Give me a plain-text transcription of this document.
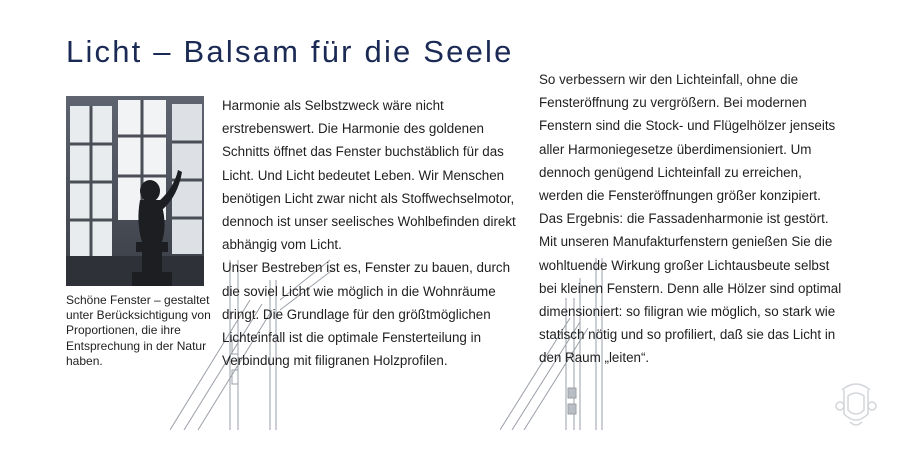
Licht – Balsam für die Seele
Schöne Fenster – gestaltet unter Berücksichtigung von Proportionen, die ihre Entsprechung in der Natur haben.

Harmonie als Selbstzweck wäre nicht erstrebenswert. Die Harmonie des goldenen Schnitts öffnet das Fenster buchstäblich für das Licht. Und Licht bedeutet Leben. Wir Menschen benötigen Licht zwar nicht als Stoffwechselmotor, dennoch ist unser seelisches Wohlbefinden direkt abhängig vom Licht.

Unser Bestreben ist es, Fenster zu bauen, durch die soviel Licht wie möglich in die Wohnräume dringt. Die Grundlage für den größtmöglichen Lichteinfall ist die optimale Fensterteilung in Verbindung mit filigranen Holzprofilen.

So verbessern wir den Lichteinfall, ohne die Fensteröffnung zu vergrößern. Bei modernen Fenstern sind die Stock- und Flügelhölzer jenseits aller Harmoniegesetze überdimensioniert. Um dennoch genügend Lichteinfall zu erreichen, werden die Fensteröffnungen größer konzipiert. Das Ergebnis: die Fassadenharmonie ist gestört. Mit unseren Manufakturfenstern genießen Sie die wohltuende Wirkung großer Lichtausbeute selbst bei kleinen Fenstern. Denn alle Hölzer sind optimal dimensioniert: so filigran wie möglich, so stark wie statisch nötig und so profiliert, daß sie das Licht in den Raum „leiten“.
